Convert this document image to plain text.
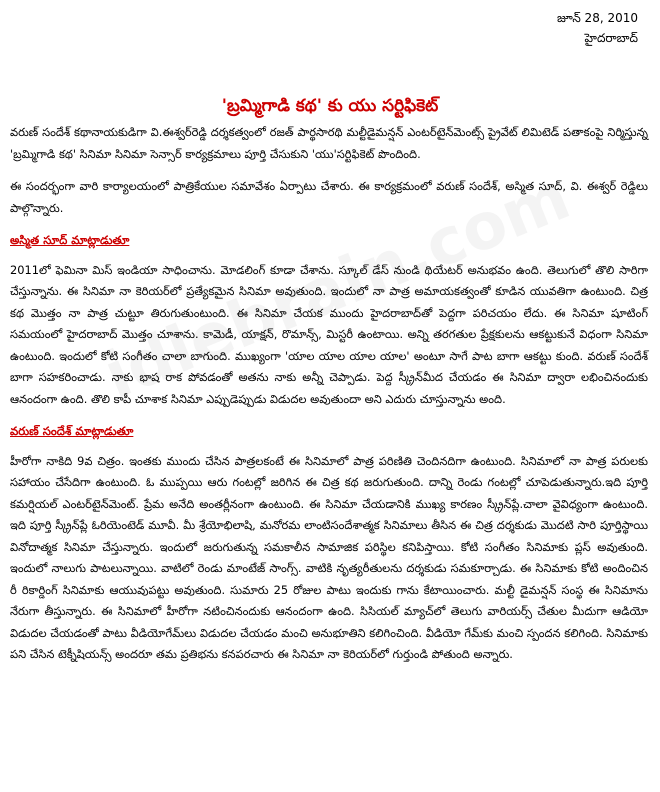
జూన్ 28, 2010
హైదరాబాద్
'బ్రమ్మిగాడి కథ' కు యు సర్టిఫికెట్

వరుణ్ సందేశ్ కథానాయకుడిగా వి.ఈశ్వర్‌రెడ్డి దర్శకత్వంలో రజత్ పార్థసారథి మల్టీడైమన్షన్ ఎంటర్‌టైన్‌మెంట్స్ ప్రైవేట్ లిమిటెడ్ పతాకంపై నిర్మిస్తున్న 'బ్రమ్మిగాడి కథ' సినిమా సినిమా సెన్సార్ కార్యక్రమాలు పూర్తి చేసుకుని 'యు'సర్టిఫికెట్ పొందింది.

ఈ సందర్భంగా వారి కార్యాలయంలో పాత్రికేయుల సమావేశం ఏర్పాటు చేశారు. ఈ కార్యక్రమంలో వరుణ్ సందేశ్, అస్మిత సూద్, వి. ఈశ్వర్ రెడ్డిలు పాల్గొన్నారు.

అస్మిత సూద్ మాట్లాడుతూ

2011లో ఫెమినా మిస్ ఇండియా సాధించాను. మోడలింగ్ కూడా చేశాను. స్కూల్ డేస్ నుండి థియేటర్ అనుభవం ఉంది. తెలుగులో తొలి సారిగా చేస్తున్నాను. ఈ సినిమా నా కెరియర్‌లో ప్రత్యేకమైన సినిమా అవుతుంది. ఇందులో నా పాత్ర అమాయకత్వంతో కూడిన యువతిగా ఉంటుంది. చిత్ర కథ మొత్తం నా పాత్ర చుట్టూ తిరుగుతుంటుంది. ఈ సినిమా చేయక ముందు హైదరాబాద్‌తో పెద్దగా పరిచయం లేదు. ఈ సినిమా షూటింగ్ సమయంలో హైదరాబాద్ మొత్తం చూశాను. కామెడీ, యాక్షన్, రొమాన్స్, మిస్టరీ ఉంటాయి. అన్ని తరగతుల ప్రేక్షకులను ఆకట్టుకునే విధంగా సినిమా ఉంటుంది. ఇందులో కోటి సంగీతం చాలా బాగుంది. ముఖ్యంగా 'యాల యాల యాల యాల' అంటూ సాగే పాట బాగా ఆకట్టు కుంది. వరుణ్ సందేశ్ బాగా సహకరించాడు. నాకు భాష రాక పోవడంతో అతను నాకు అన్నీ చెప్పాడు. పెద్ద స్క్రీన్‌మీద చేయడం ఈ సినిమా ద్వారా లభించినందుకు ఆనందంగా ఉంది. తొలి కాపీ చూశాక సినిమా ఎప్పుడెప్పుడు విడుదల అవుతుందా అని ఎదురు చూస్తున్నాను అంది.

వరుణ్ సందేశ్ మాట్లాడుతూ

హీరోగా నాకిది 9వ చిత్రం. ఇంతకు ముందు చేసిన పాత్రలకంటే ఈ సినిమాలో పాత్ర పరిణితి చెందినదిగా ఉంటుంది. సినిమాలో నా పాత్ర పరులకు సహాయం చేసేదిగా ఉంటుంది. ఓ ముప్పయి ఆరు గంటల్లో జరిగిన ఈ చిత్ర కథ జరుగుతుంది. దాన్ని రెండు గంటల్లో చూపెడుతున్నారు.ఇది పూర్తి కమర్షియల్ ఎంటర్‌టైన్‌మెంట్. ప్రేమ అనేది అంతర్లీనంగా ఉంటుంది. ఈ సినిమా చేయడానికి ముఖ్య కారణం స్క్రీన్‌ప్లే.చాలా వైవిధ్యంగా ఉంటుంది. ఇది పూర్తి స్క్రీన్‌ప్లే ఓరియెంటెడ్ మూవీ. మీ శ్రేయోభిలాషి, మనోరమ లాంటిసందేశాత్మక సినిమాలు తీసిన ఈ చిత్ర దర్శకుడు మొదటి సారి పూర్తిస్థాయి వినోదాత్మక సినిమా చేస్తున్నారు. ఇందులో జరుగుతున్న సమకాలీన సామాజిక పరిస్థిల కనిపిస్తాయి. కోటి సంగీతం సినిమాకు ప్లస్ అవుతుంది. ఇందులో నాలుగు పాటలున్నాయి. వాటిలో రెండు మాంటేజ్ సాంగ్స్. వాటికి నృత్యరీతులను దర్శకుడు సమకూర్చాడు. ఈ సినిమాకు కోటి అందించిన రీ రికార్డింగ్ సినిమాకు ఆయువుపట్టు అవుతుంది. సుమారు 25 రోజుల పాటు ఇందుకు గాను కేటాయించారు. మల్టీ డైమన్షన్ సంస్థ ఈ సినిమాను నేరుగా తీస్తున్నారు. ఈ సినిమాలో హీరోగా నటించినందుకు ఆనందంగా ఉంది. సిసియల్ మ్యాచ్‌లో తెలుగు వారియర్స్ చేతుల మీదుగా ఆడియో విడుదల చేయడంతో పాటు వీడియోగేమ్‌లు విడుదల చేయడం మంచి అనుభూతిని కలిగించింది. వీడియో గేమ్‌కు మంచి స్పందన కలిగింది. సినిమాకు పని చేసిన టెక్నీషియన్స్ అందరూ తమ ప్రతిభను కనపరచారు ఈ సినిమా నా కెరియర్‌లో గుర్తుండి పోతుంది అన్నారు.
